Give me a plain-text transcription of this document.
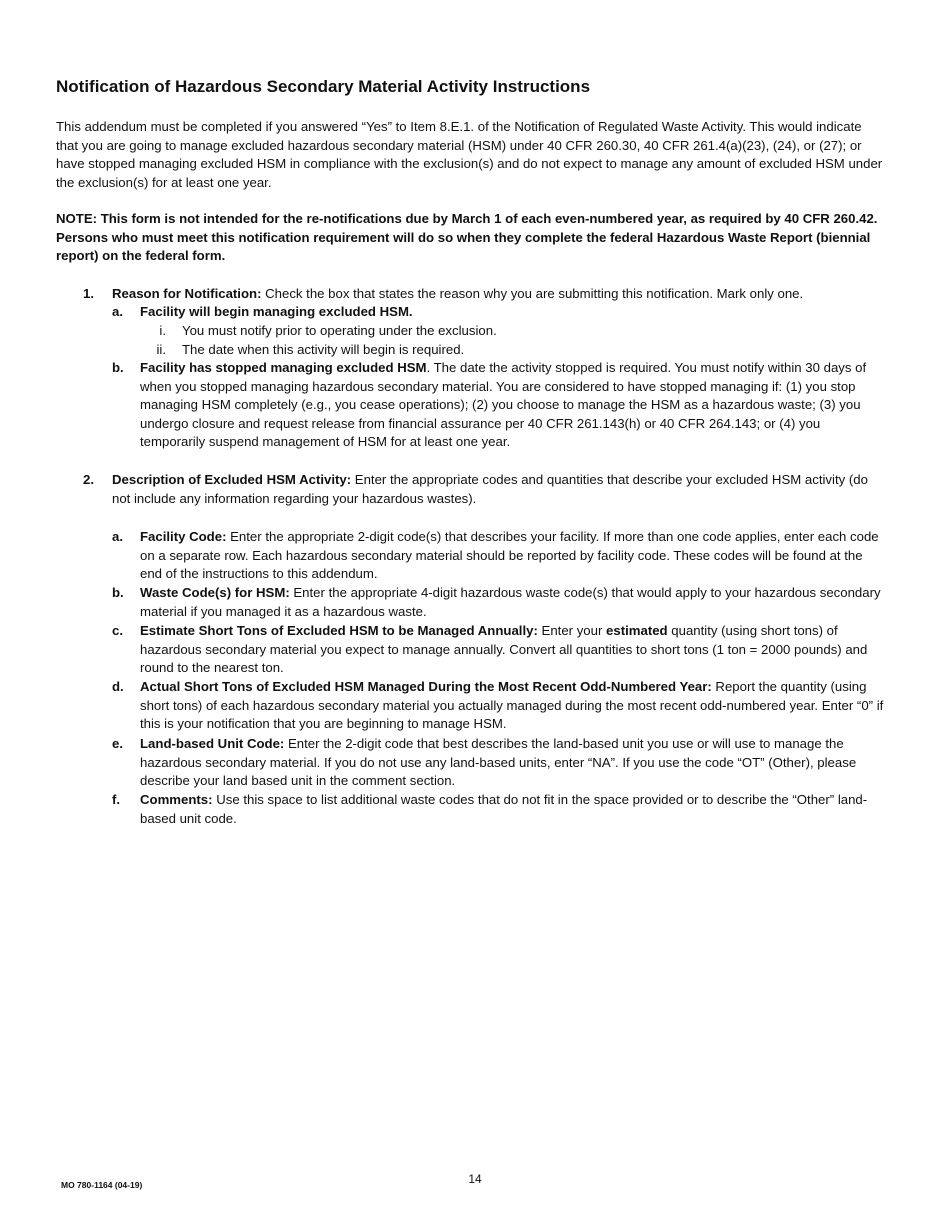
Notification of Hazardous Secondary Material Activity Instructions

This addendum must be completed if you answered “Yes” to Item 8.E.1. of the Notification of Regulated Waste Activity. This would indicate that you are going to manage excluded hazardous secondary material (HSM) under 40 CFR 260.30, 40 CFR 261.4(a)(23), (24), or (27); or have stopped managing excluded HSM in compliance with the exclusion(s) and do not expect to manage any amount of excluded HSM under the exclusion(s) for at least one year.

NOTE: This form is not intended for the re-notifications due by March 1 of each even-numbered year, as required by 40 CFR 260.42. Persons who must meet this notification requirement will do so when they complete the federal Hazardous Waste Report (biennial report) on the federal form.

1. Reason for Notification: Check the box that states the reason why you are submitting this notification. Mark only one.
a. Facility will begin managing excluded HSM.
i. You must notify prior to operating under the exclusion.
ii. The date when this activity will begin is required.
b. Facility has stopped managing excluded HSM. The date the activity stopped is required. You must notify within 30 days of when you stopped managing hazardous secondary material. You are considered to have stopped managing if: (1) you stop managing HSM completely (e.g., you cease operations); (2) you choose to manage the HSM as a hazardous waste; (3) you undergo closure and request release from financial assurance per 40 CFR 261.143(h) or 40 CFR 264.143; or (4) you temporarily suspend management of HSM for at least one year.
2. Description of Excluded HSM Activity: Enter the appropriate codes and quantities that describe your excluded HSM activity (do not include any information regarding your hazardous wastes).
a. Facility Code: Enter the appropriate 2-digit code(s) that describes your facility. If more than one code applies, enter each code on a separate row. Each hazardous secondary material should be reported by facility code. These codes will be found at the end of the instructions to this addendum.
b. Waste Code(s) for HSM: Enter the appropriate 4-digit hazardous waste code(s) that would apply to your hazardous secondary material if you managed it as a hazardous waste.
c. Estimate Short Tons of Excluded HSM to be Managed Annually: Enter your estimated quantity (using short tons) of hazardous secondary material you expect to manage annually. Convert all quantities to short tons (1 ton = 2000 pounds) and round to the nearest ton.
d. Actual Short Tons of Excluded HSM Managed During the Most Recent Odd-Numbered Year: Report the quantity (using short tons) of each hazardous secondary material you actually managed during the most recent odd-numbered year. Enter “0” if this is your notification that you are beginning to manage HSM.
e. Land-based Unit Code: Enter the 2-digit code that best describes the land-based unit you use or will use to manage the hazardous secondary material. If you do not use any land-based units, enter “NA”. If you use the code “OT” (Other), please describe your land based unit in the comment section.
f. Comments: Use this space to list additional waste codes that do not fit in the space provided or to describe the “Other” land-based unit code.
14
MO 780-1164 (04-19)
